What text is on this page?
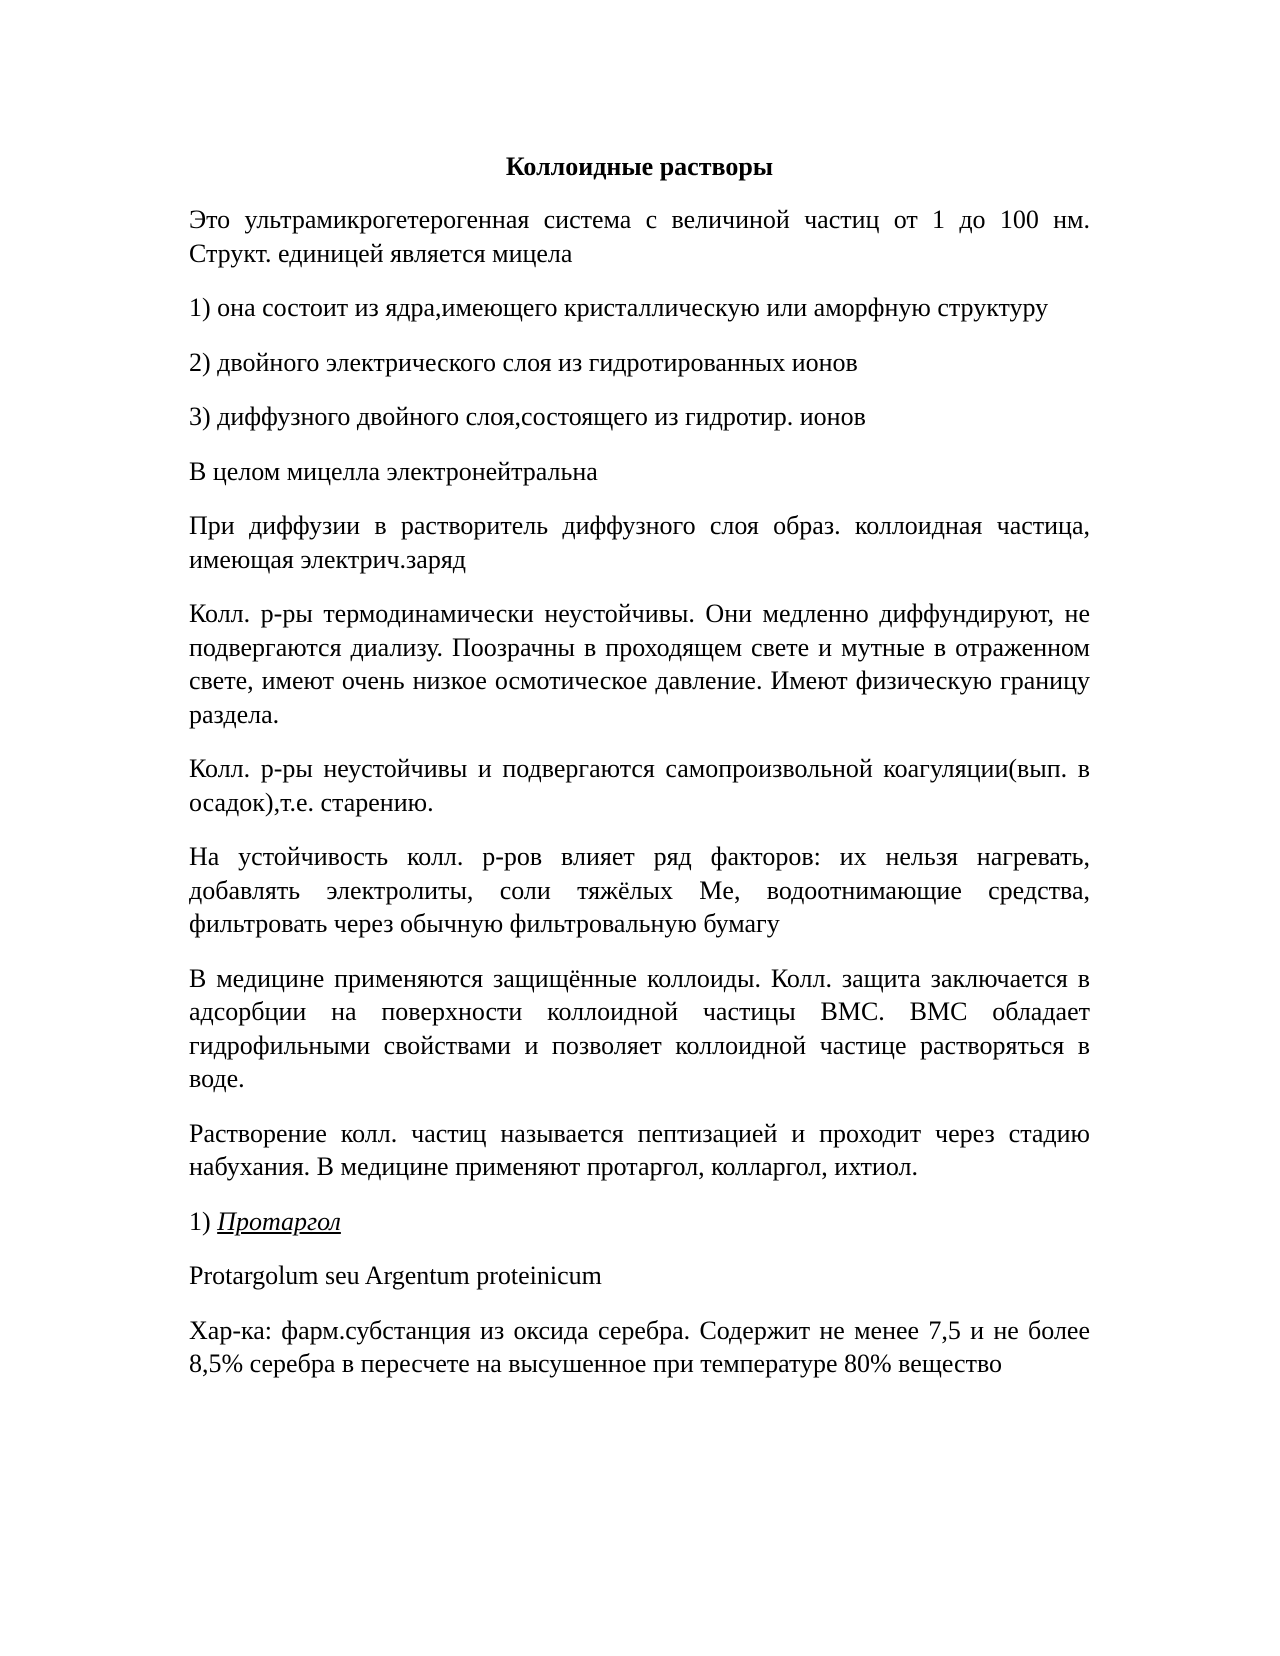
Коллоидные растворы

Это ультрамикрогетерогенная система с величиной частиц от 1 до 100 нм. Структ. единицей является мицела

1) она состоит из ядра,имеющего кристаллическую или аморфную структуру

2) двойного электрического слоя из гидротированных ионов

3) диффузного двойного слоя,состоящего из гидротир. ионов

В целом мицелла электронейтральна

При диффузии в растворитель диффузного слоя образ. коллоидная частица, имеющая электрич.заряд

Колл. р-ры термодинамически неустойчивы. Они медленно диффундируют, не подвергаются диализу. Поозрачны в проходящем свете и мутные в отраженном свете, имеют очень низкое осмотическое давление. Имеют физическую границу раздела.

Колл. р-ры неустойчивы и подвергаются самопроизвольной коагуляции(вып. в осадок),т.е. старению.

На устойчивость колл. р-ров влияет ряд факторов: их нельзя нагревать, добавлять электролиты, соли тяжёлых Me, водоотнимающие средства, фильтровать через обычную фильтровальную бумагу

В медицине применяются защищённые коллоиды. Колл. защита заключается в адсорбции на поверхности коллоидной частицы ВМС. ВМС обладает гидрофильными свойствами и позволяет коллоидной частице растворяться в воде.

Растворение колл. частиц называется пептизацией и проходит через стадию набухания. В медицине применяют протаргол, колларгол, ихтиол.

1) Протаргол

Protargolum seu Argentum proteinicum

Хар-ка: фарм.субстанция из оксида серебра. Содержит не менее 7,5 и не более 8,5% серебра в пересчете на высушенное при температуре 80% вещество
